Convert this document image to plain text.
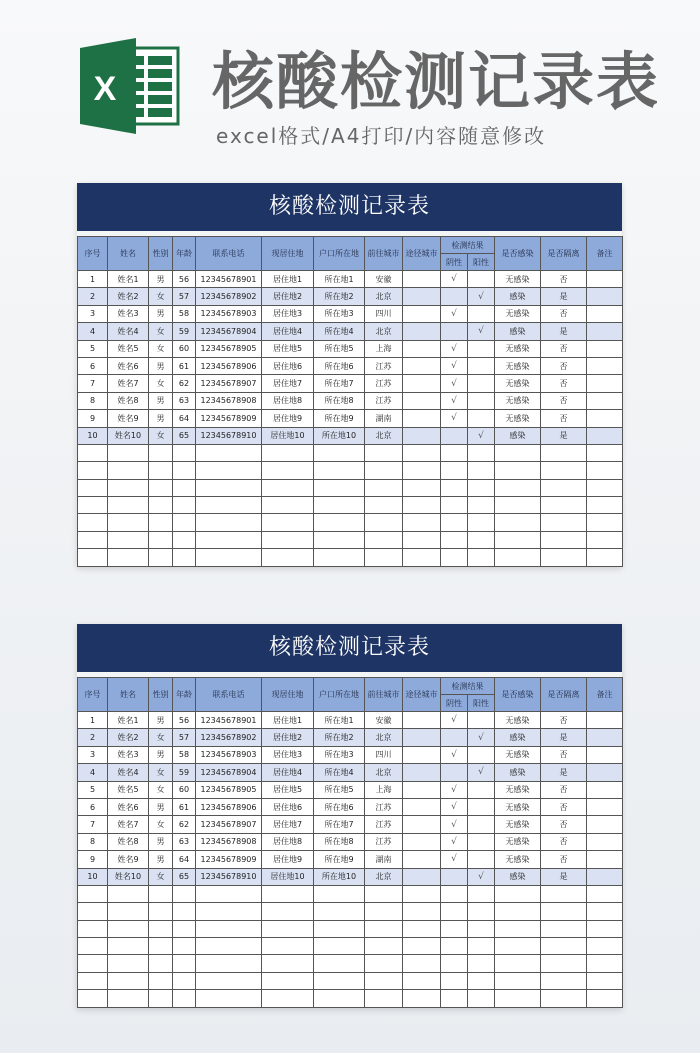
X 核酸检测记录表
excel格式/A4打印/内容随意修改
核酸检测记录表
序号	姓名	性别	年龄	联系电话	现居住地	户口所在地	前往城市	途径城市	检测结果		是否感染	是否隔离	备注
									阴性	阳性			
1	姓名1	男	56	12345678901	居住地1	所在地1	安徽		√		无感染	否	
2	姓名2	女	57	12345678902	居住地2	所在地2	北京			√	感染	是	
3	姓名3	男	58	12345678903	居住地3	所在地3	四川		√		无感染	否	
4	姓名4	女	59	12345678904	居住地4	所在地4	北京			√	感染	是	
5	姓名5	女	60	12345678905	居住地5	所在地5	上海		√		无感染	否	
6	姓名6	男	61	12345678906	居住地6	所在地6	江苏		√		无感染	否	
7	姓名7	女	62	12345678907	居住地7	所在地7	江苏		√		无感染	否	
8	姓名8	男	63	12345678908	居住地8	所在地8	江苏		√		无感染	否	
9	姓名9	男	64	12345678909	居住地9	所在地9	湖南		√		无感染	否	
10	姓名10	女	65	12345678910	居住地10	所在地10	北京			√	感染	是	

核酸检测记录表
序号	姓名	性别	年龄	联系电话	现居住地	户口所在地	前往城市	途径城市	检测结果		是否感染	是否隔离	备注
									阴性	阳性			
1	姓名1	男	56	12345678901	居住地1	所在地1	安徽		√		无感染	否	
2	姓名2	女	57	12345678902	居住地2	所在地2	北京			√	感染	是	
3	姓名3	男	58	12345678903	居住地3	所在地3	四川		√		无感染	否	
4	姓名4	女	59	12345678904	居住地4	所在地4	北京			√	感染	是	
5	姓名5	女	60	12345678905	居住地5	所在地5	上海		√		无感染	否	
6	姓名6	男	61	12345678906	居住地6	所在地6	江苏		√		无感染	否	
7	姓名7	女	62	12345678907	居住地7	所在地7	江苏		√		无感染	否	
8	姓名8	男	63	12345678908	居住地8	所在地8	江苏		√		无感染	否	
9	姓名9	男	64	12345678909	居住地9	所在地9	湖南		√		无感染	否	
10	姓名10	女	65	12345678910	居住地10	所在地10	北京			√	感染	是	
